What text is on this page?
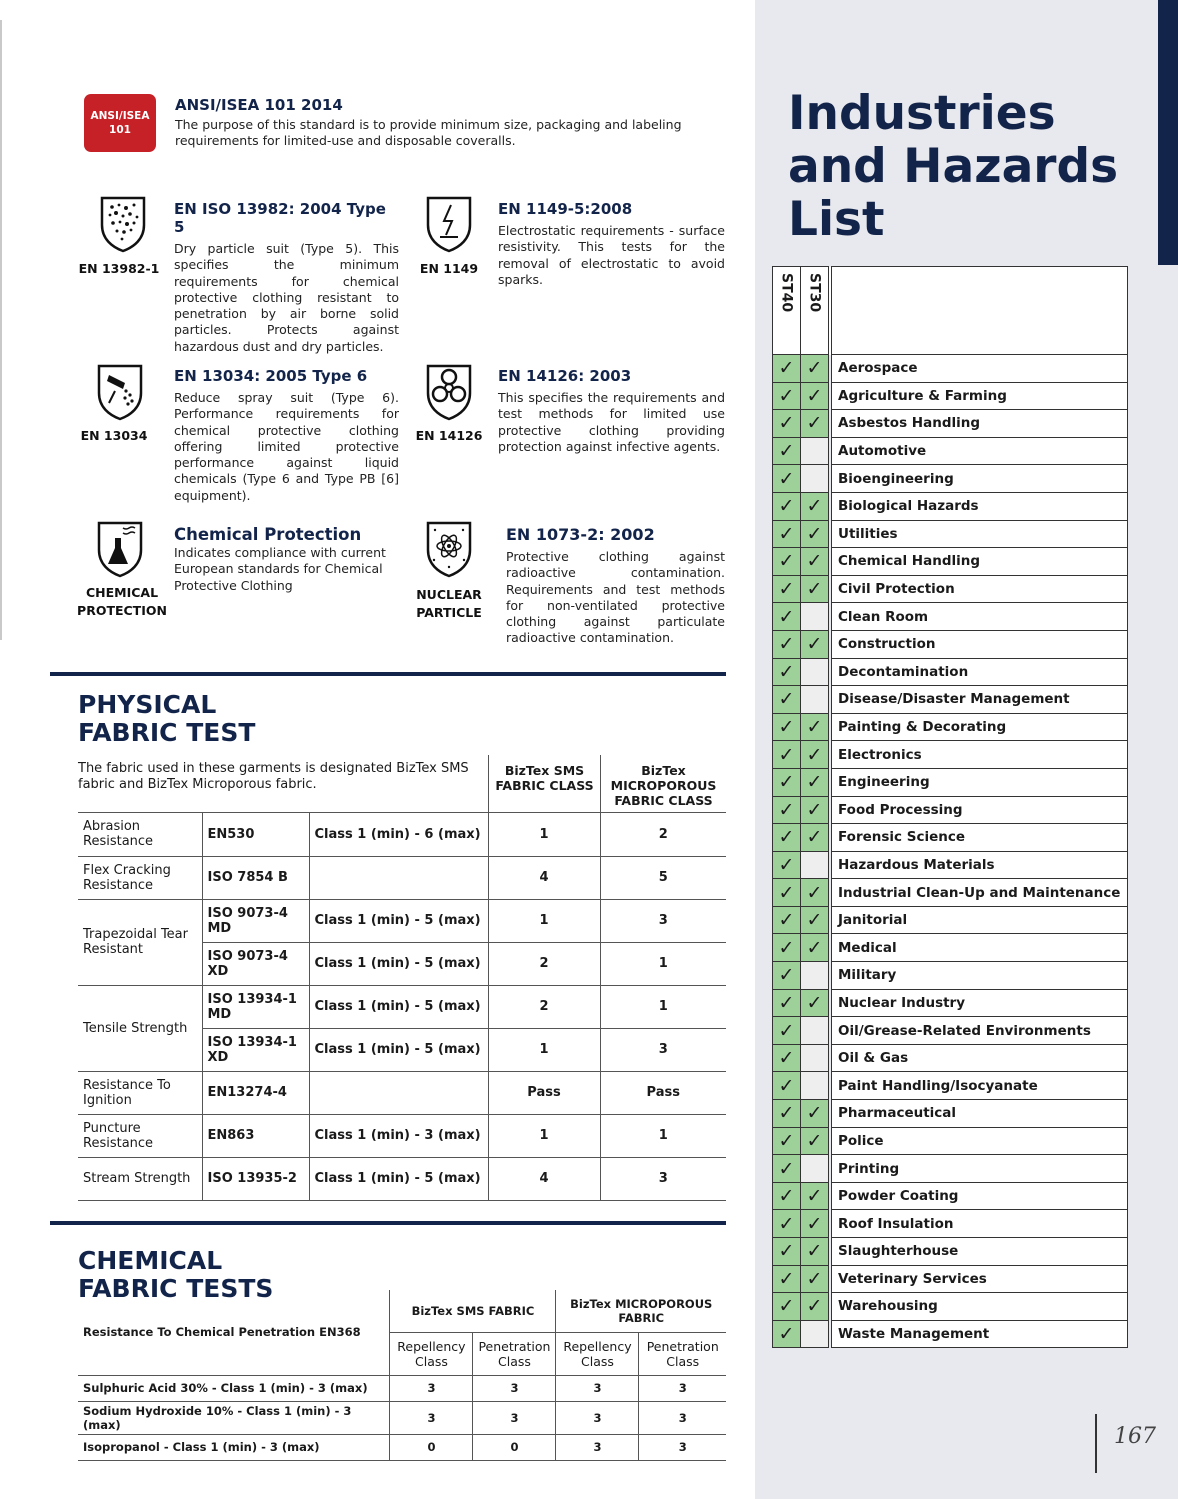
ANSI/ISEA
101
ANSI/ISEA 101 2014
The purpose of this standard is to provide minimum size, packaging and labeling requirements for limited-use and disposable coveralls.
EN 13982-1
EN ISO 13982: 2004 Type 5
Dry particle suit (Type 5). This specifies the minimum requirements for chemical protective clothing resistant to penetration by air borne solid particles. Protects against hazardous dust and dry particles.
EN 1149
EN 1149-5:2008
Electrostatic requirements - surface resistivity. This tests for the removal of electrostatic to avoid sparks.
EN 13034
EN 13034: 2005 Type 6
Reduce spray suit (Type 6). Performance requirements for chemical protective clothing offering limited protective performance against liquid chemicals (Type 6 and Type PB [6] equipment).
EN 14126
EN 14126: 2003
This specifies the requirements and test methods for limited use protective clothing providing protection against infective agents.
CHEMICAL
PROTECTION
Chemical Protection
Indicates compliance with current European standards for Chemical Protective Clothing
NUCLEAR
PARTICLE
EN 1073-2: 2002
Protective clothing against radioactive contamination. Requirements and test methods for non-ventilated protective clothing against particulate radioactive contamination.
PHYSICAL
FABRIC TEST
The fabric used in these garments is designated BizTex SMS fabric and BizTex Microporous fabric.
BizTex SMS FABRIC CLASS
BizTex MICROPOROUS FABRIC CLASS
Abrasion Resistance	EN530	Class 1 (min) - 6 (max)	1	2
Flex Cracking Resistance	ISO 7854 B		4	5
Trapezoidal Tear Resistant	ISO 9073-4 MD	Class 1 (min) - 5 (max)	1	3
	ISO 9073-4 XD	Class 1 (min) - 5 (max)	2	1
Tensile Strength	ISO 13934-1 MD	Class 1 (min) - 5 (max)	2	1
	ISO 13934-1 XD	Class 1 (min) - 5 (max)	1	3
Resistance To Ignition	EN13274-4		Pass	Pass
Puncture Resistance	EN863	Class 1 (min) - 3 (max)	1	1
Stream Strength	ISO 13935-2	Class 1 (min) - 5 (max)	4	3
CHEMICAL
FABRIC TESTS
Resistance To Chemical Penetration EN368	BizTex SMS FABRIC		BizTex MICROPOROUS FABRIC	
	Repellency Class	Penetration Class	Repellency Class	Penetration Class
Sulphuric Acid 30% - Class 1 (min) - 3 (max)	3	3	3	3
Sodium Hydroxide 10% - Class 1 (min) - 3 (max)	3	3	3	3
Isopropanol - Class 1 (min) - 3 (max)	0	0	3	3
Industries
and Hazards
List
ST40	ST30		
✓	✓		Aerospace
✓	✓		Agriculture & Farming
✓	✓		Asbestos Handling
✓			Automotive
✓			Bioengineering
✓	✓		Biological Hazards
✓	✓		Utilities
✓	✓		Chemical Handling
✓	✓		Civil Protection
✓			Clean Room
✓	✓		Construction
✓			Decontamination
✓			Disease/Disaster Management
✓	✓		Painting & Decorating
✓	✓		Electronics
✓	✓		Engineering
✓	✓		Food Processing
✓	✓		Forensic Science
✓			Hazardous Materials
✓	✓		Industrial Clean-Up and Maintenance
✓	✓		Janitorial
✓	✓		Medical
✓			Military
✓	✓		Nuclear Industry
✓			Oil/Grease-Related Environments
✓			Oil & Gas
✓			Paint Handling/Isocyanate
✓	✓		Pharmaceutical
✓	✓		Police
✓			Printing
✓	✓		Powder Coating
✓	✓		Roof Insulation
✓	✓		Slaughterhouse
✓	✓		Veterinary Services
✓	✓		Warehousing
✓			Waste Management
167
